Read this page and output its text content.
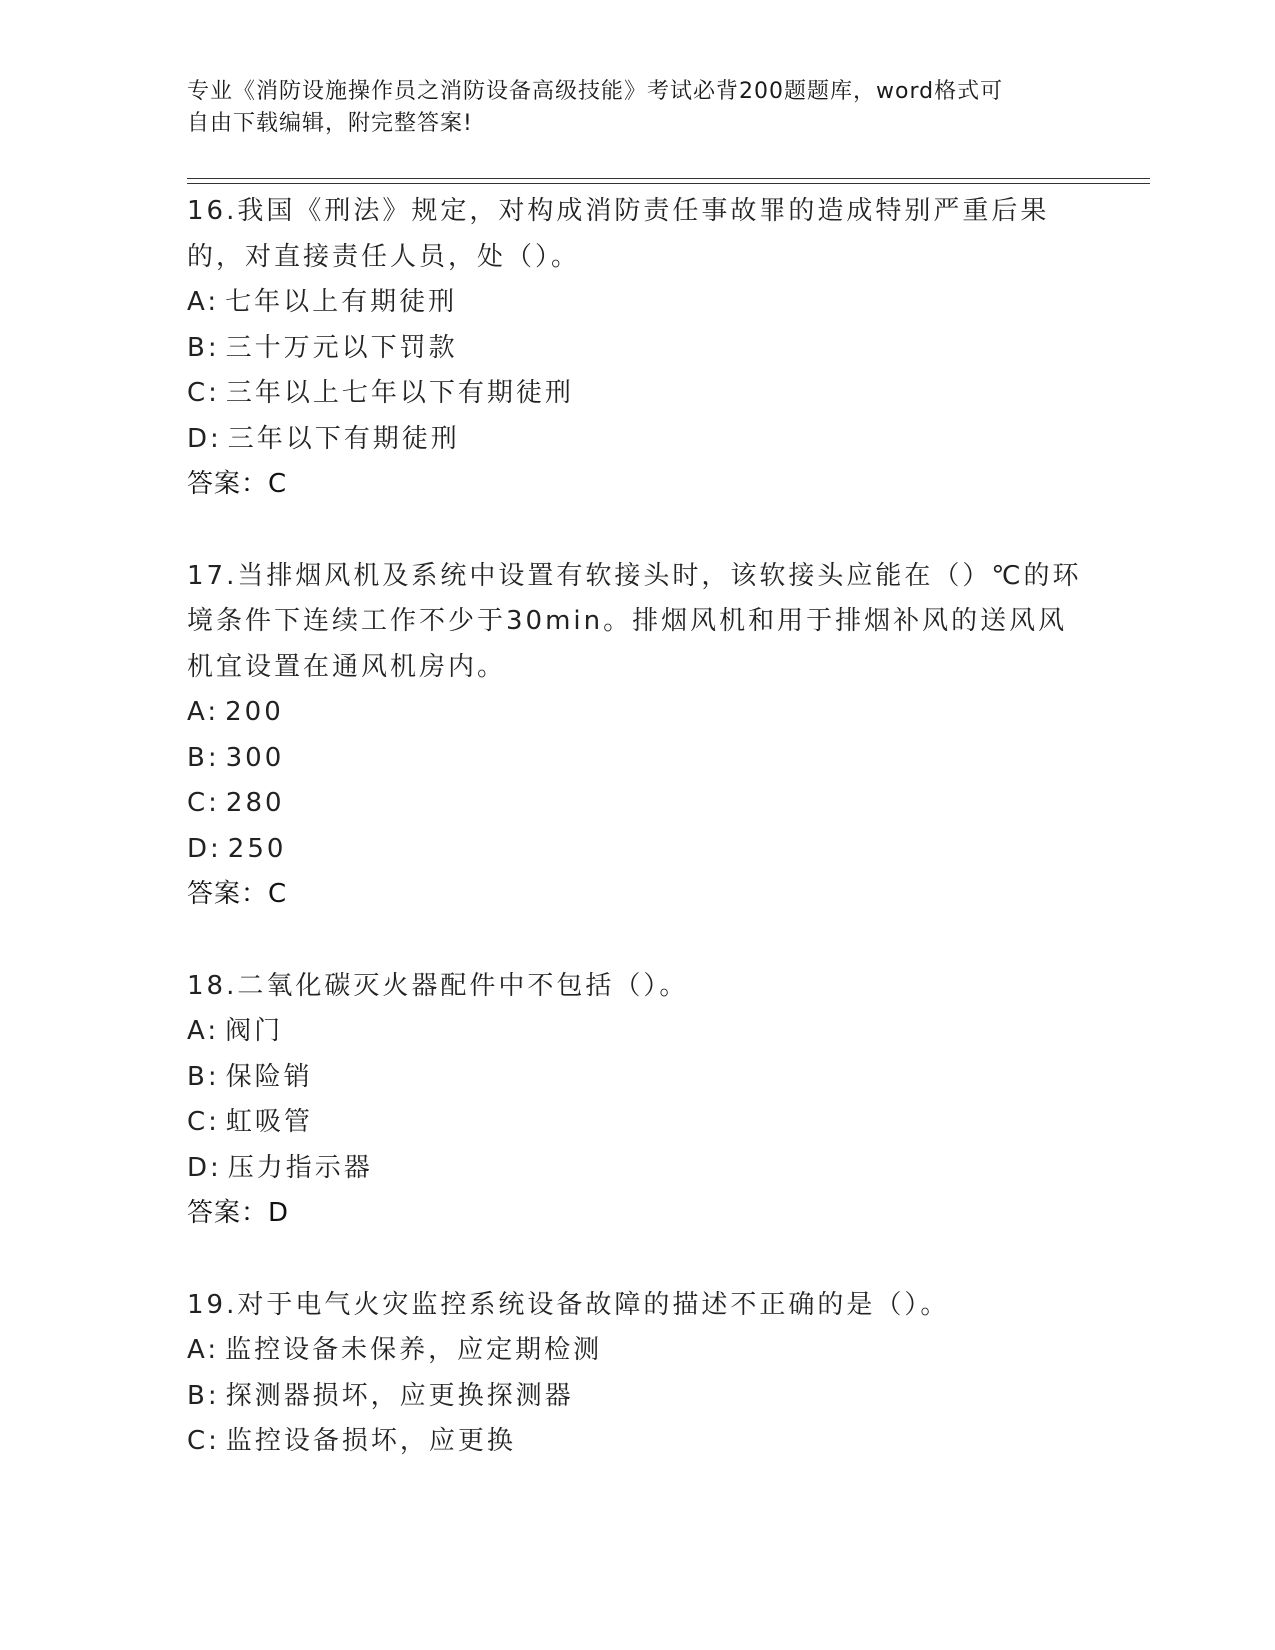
专业《消防设施操作员之消防设备高级技能》考试必背200题题库，word格式可
自由下载编辑，附完整答案!

16.我国《刑法》规定，对构成消防责任事故罪的造成特别严重后果的，对直接责任人员，处（）。

A: 七年以上有期徒刑

B: 三十万元以下罚款

C: 三年以上七年以下有期徒刑

D: 三年以下有期徒刑

答案：C

17.当排烟风机及系统中设置有软接头时，该软接头应能在（）℃的环境条件下连续工作不少于30min。排烟风机和用于排烟补风的送风风机宜设置在通风机房内。

A: 200

B: 300

C: 280

D: 250

答案：C

18.二氧化碳灭火器配件中不包括（）。

A: 阀门

B: 保险销

C: 虹吸管

D: 压力指示器

答案：D

19.对于电气火灾监控系统设备故障的描述不正确的是（）。

A: 监控设备未保养，应定期检测

B: 探测器损坏，应更换探测器

C: 监控设备损坏，应更换
